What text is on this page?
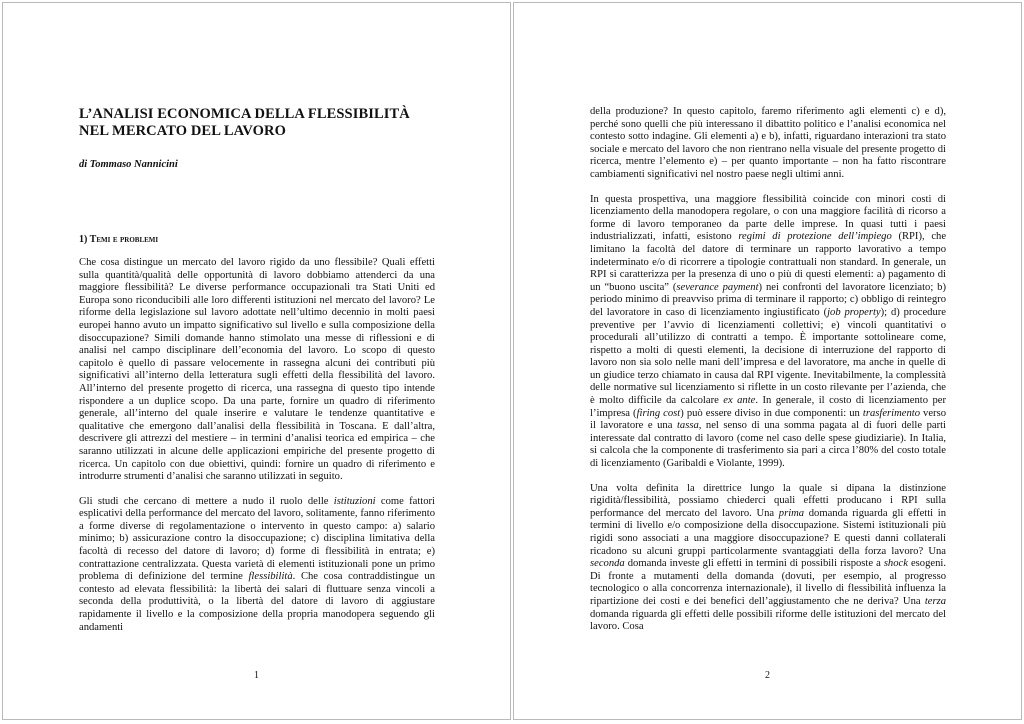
L’ANALISI ECONOMICA DELLA FLESSIBILITÀ
NEL MERCATO DEL LAVORO
di Tommaso Nannicini
1) Temi e problemi

Che cosa distingue un mercato del lavoro rigido da uno flessibile? Quali effetti sulla quantità/qualità delle opportunità di lavoro dobbiamo attenderci da una maggiore flessibilità? Le diverse performance occupazionali tra Stati Uniti ed Europa sono riconducibili alle loro differenti istituzioni nel mercato del lavoro? Le riforme della legislazione sul lavoro adottate nell’ultimo decennio in molti paesi europei hanno avuto un impatto significativo sul livello e sulla composizione della disoccupazione? Simili domande hanno stimolato una messe di riflessioni e di analisi nel campo disciplinare dell’economia del lavoro. Lo scopo di questo capitolo è quello di passare velocemente in rassegna alcuni dei contributi più significativi all’interno della letteratura sugli effetti della flessibilità del lavoro. All’interno del presente progetto di ricerca, una rassegna di questo tipo intende rispondere a un duplice scopo. Da una parte, fornire un quadro di riferimento generale, all’interno del quale inserire e valutare le tendenze quantitative e qualitative che emergono dall’analisi della flessibilità in Toscana. E dall’altra, descrivere gli attrezzi del mestiere – in termini d’analisi teorica ed empirica – che saranno utilizzati in alcune delle applicazioni empiriche del presente progetto di ricerca. Un capitolo con due obiettivi, quindi: fornire un quadro di riferimento e introdurre strumenti d’analisi che saranno utilizzati in seguito.

Gli studi che cercano di mettere a nudo il ruolo delle istituzioni come fattori esplicativi della performance del mercato del lavoro, solitamente, fanno riferimento a forme diverse di regolamentazione o intervento in questo campo: a) salario minimo; b) assicurazione contro la disoccupazione; c) disciplina limitativa della facoltà di recesso del datore di lavoro; d) forme di flessibilità in entrata; e) contrattazione centralizzata. Questa varietà di elementi istituzionali pone un primo problema di definizione del termine flessibilità. Che cosa contraddistingue un contesto ad elevata flessibilità: la libertà dei salari di fluttuare senza vincoli a seconda della produttività, o la libertà del datore di lavoro di aggiustare rapidamente il livello e la composizione della propria manodopera seguendo gli andamenti

1

della produzione? In questo capitolo, faremo riferimento agli elementi c) e d), perché sono quelli che più interessano il dibattito politico e l’analisi economica nel contesto sotto indagine. Gli elementi a) e b), infatti, riguardano interazioni tra stato sociale e mercato del lavoro che non rientrano nella visuale del presente progetto di ricerca, mentre l’elemento e) – per quanto importante – non ha fatto riscontrare cambiamenti significativi nel nostro paese negli ultimi anni.

In questa prospettiva, una maggiore flessibilità coincide con minori costi di licenziamento della manodopera regolare, o con una maggiore facilità di ricorso a forme di lavoro temporaneo da parte delle imprese. In quasi tutti i paesi industrializzati, infatti, esistono regimi di protezione dell’impiego (RPI), che limitano la facoltà del datore di terminare un rapporto lavorativo a tempo indeterminato e/o di ricorrere a tipologie contrattuali non standard. In generale, un RPI si caratterizza per la presenza di uno o più di questi elementi: a) pagamento di un “buono uscita” (severance payment) nei confronti del lavoratore licenziato; b) periodo minimo di preavviso prima di terminare il rapporto; c) obbligo di reintegro del lavoratore in caso di licenziamento ingiustificato (job property); d) procedure preventive per l’avvio di licenziamenti collettivi; e) vincoli quantitativi o procedurali all’utilizzo di contratti a tempo. È importante sottolineare come, rispetto a molti di questi elementi, la decisione di interruzione del rapporto di lavoro non sia solo nelle mani dell’impresa e del lavoratore, ma anche in quelle di un giudice terzo chiamato in causa dal RPI vigente. Inevitabilmente, la complessità delle normative sul licenziamento si riflette in un costo rilevante per l’azienda, che è molto difficile da calcolare ex ante. In generale, il costo di licenziamento per l’impresa (firing cost) può essere diviso in due componenti: un trasferimento verso il lavoratore e una tassa, nel senso di una somma pagata al di fuori delle parti interessate dal contratto di lavoro (come nel caso delle spese giudiziarie). In Italia, si calcola che la componente di trasferimento sia pari a circa l’80% del costo totale di licenziamento (Garibaldi e Violante, 1999).

Una volta definita la direttrice lungo la quale si dipana la distinzione rigidità/flessibilità, possiamo chiederci quali effetti producano i RPI sulla performance del mercato del lavoro. Una prima domanda riguarda gli effetti in termini di livello e/o composizione della disoccupazione. Sistemi istituzionali più rigidi sono associati a una maggiore disoccupazione? E questi danni collaterali ricadono su alcuni gruppi particolarmente svantaggiati della forza lavoro? Una seconda domanda investe gli effetti in termini di possibili risposte a shock esogeni. Di fronte a mutamenti della domanda (dovuti, per esempio, al progresso tecnologico o alla concorrenza internazionale), il livello di flessibilità influenza la ripartizione dei costi e dei benefici dell’aggiustamento che ne deriva? Una terza domanda riguarda gli effetti delle possibili riforme delle istituzioni del mercato del lavoro. Cosa

2
